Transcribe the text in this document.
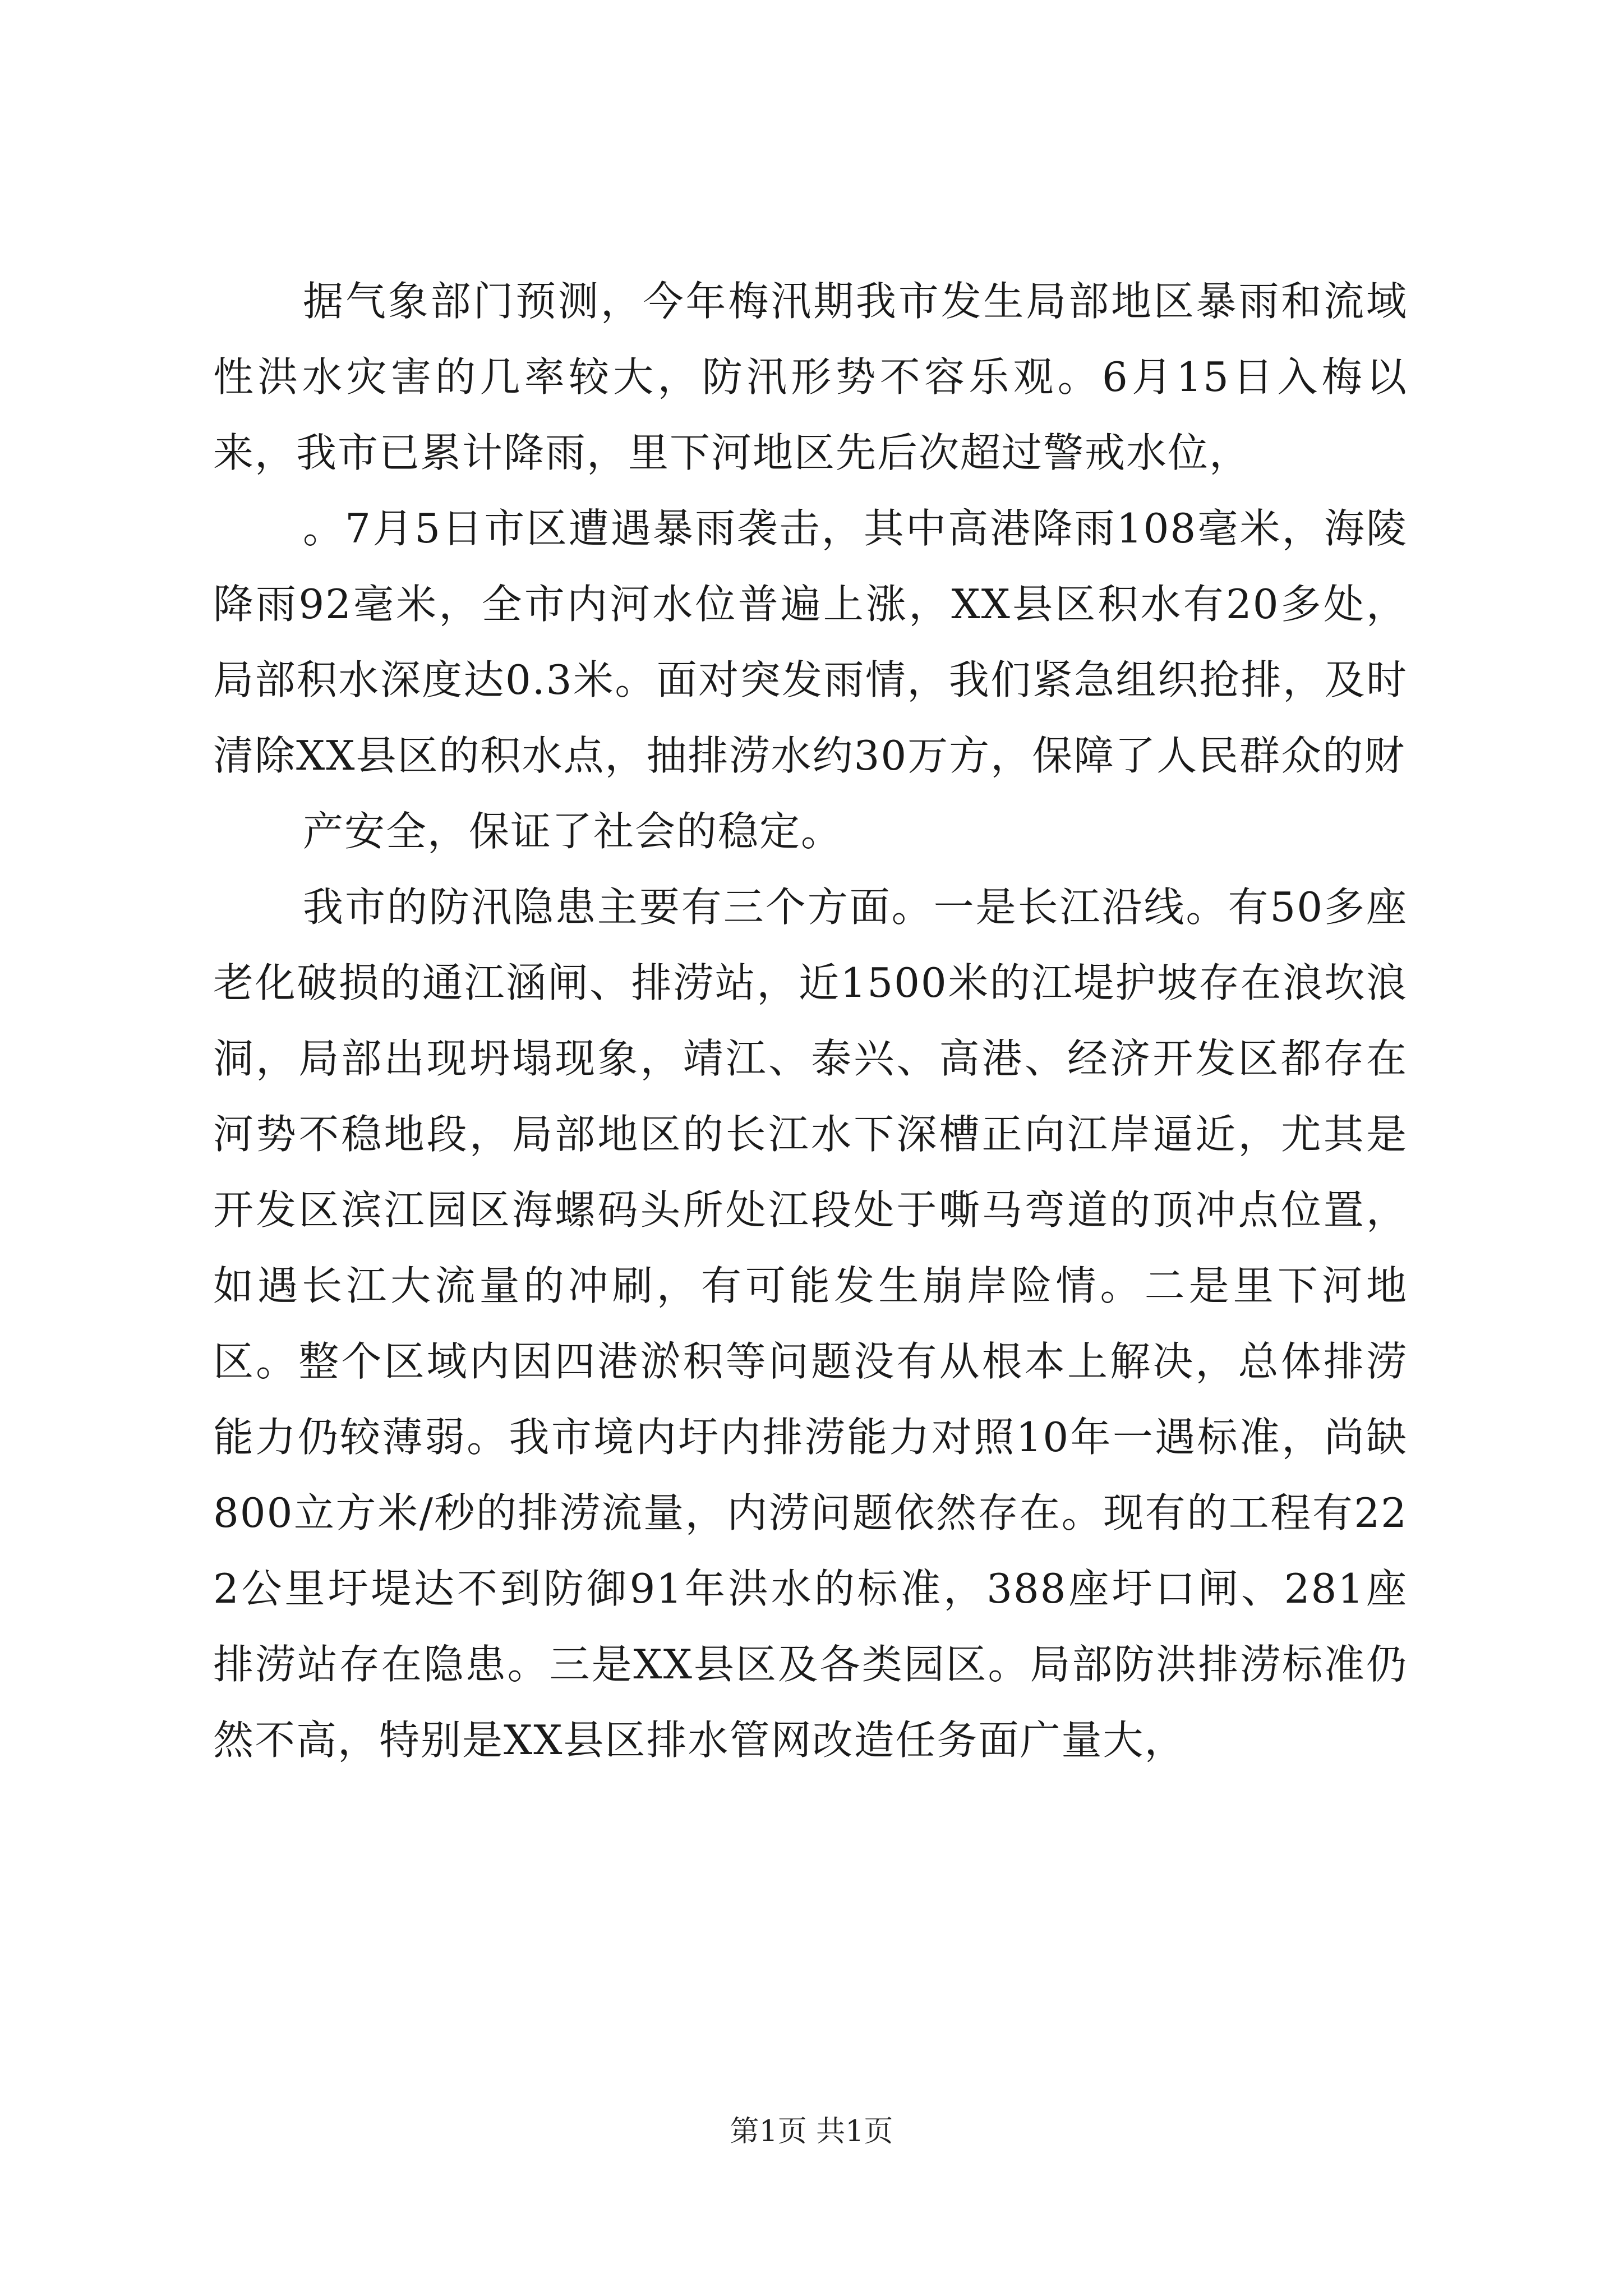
据气象部门预测，今年梅汛期我市发生局部地区暴雨和流域性洪水灾害的几率较大，防汛形势不容乐观。6月15日入梅以来，我市已累计降雨，里下河地区先后次超过警戒水位，

。7月5日市区遭遇暴雨袭击，其中高港降雨108毫米，海陵降雨92毫米，全市内河水位普遍上涨，XX县区积水有20多处，局部积水深度达0.3米。面对突发雨情，我们紧急组织抢排，及时清除XX县区的积水点，抽排涝水约30万方，保障了人民群众的财

产安全，保证了社会的稳定。

我市的防汛隐患主要有三个方面。一是长江沿线。有50多座老化破损的通江涵闸、排涝站，近1500米的江堤护坡存在浪坎浪洞，局部出现坍塌现象，靖江、泰兴、高港、经济开发区都存在河势不稳地段，局部地区的长江水下深槽正向江岸逼近，尤其是开发区滨江园区海螺码头所处江段处于嘶马弯道的顶冲点位置，如遇长江大流量的冲刷，有可能发生崩岸险情。二是里下河地区。整个区域内因四港淤积等问题没有从根本上解决，总体排涝能力仍较薄弱。我市境内圩内排涝能力对照10年一遇标准，尚缺800立方米/秒的排涝流量，内涝问题依然存在。现有的工程有222公里圩堤达不到防御91年洪水的标准，388座圩口闸、281座排涝站存在隐患。三是XX县区及各类园区。局部防洪排涝标准仍然不高，特别是XX县区排水管网改造任务面广量大，

第1页 共1页
